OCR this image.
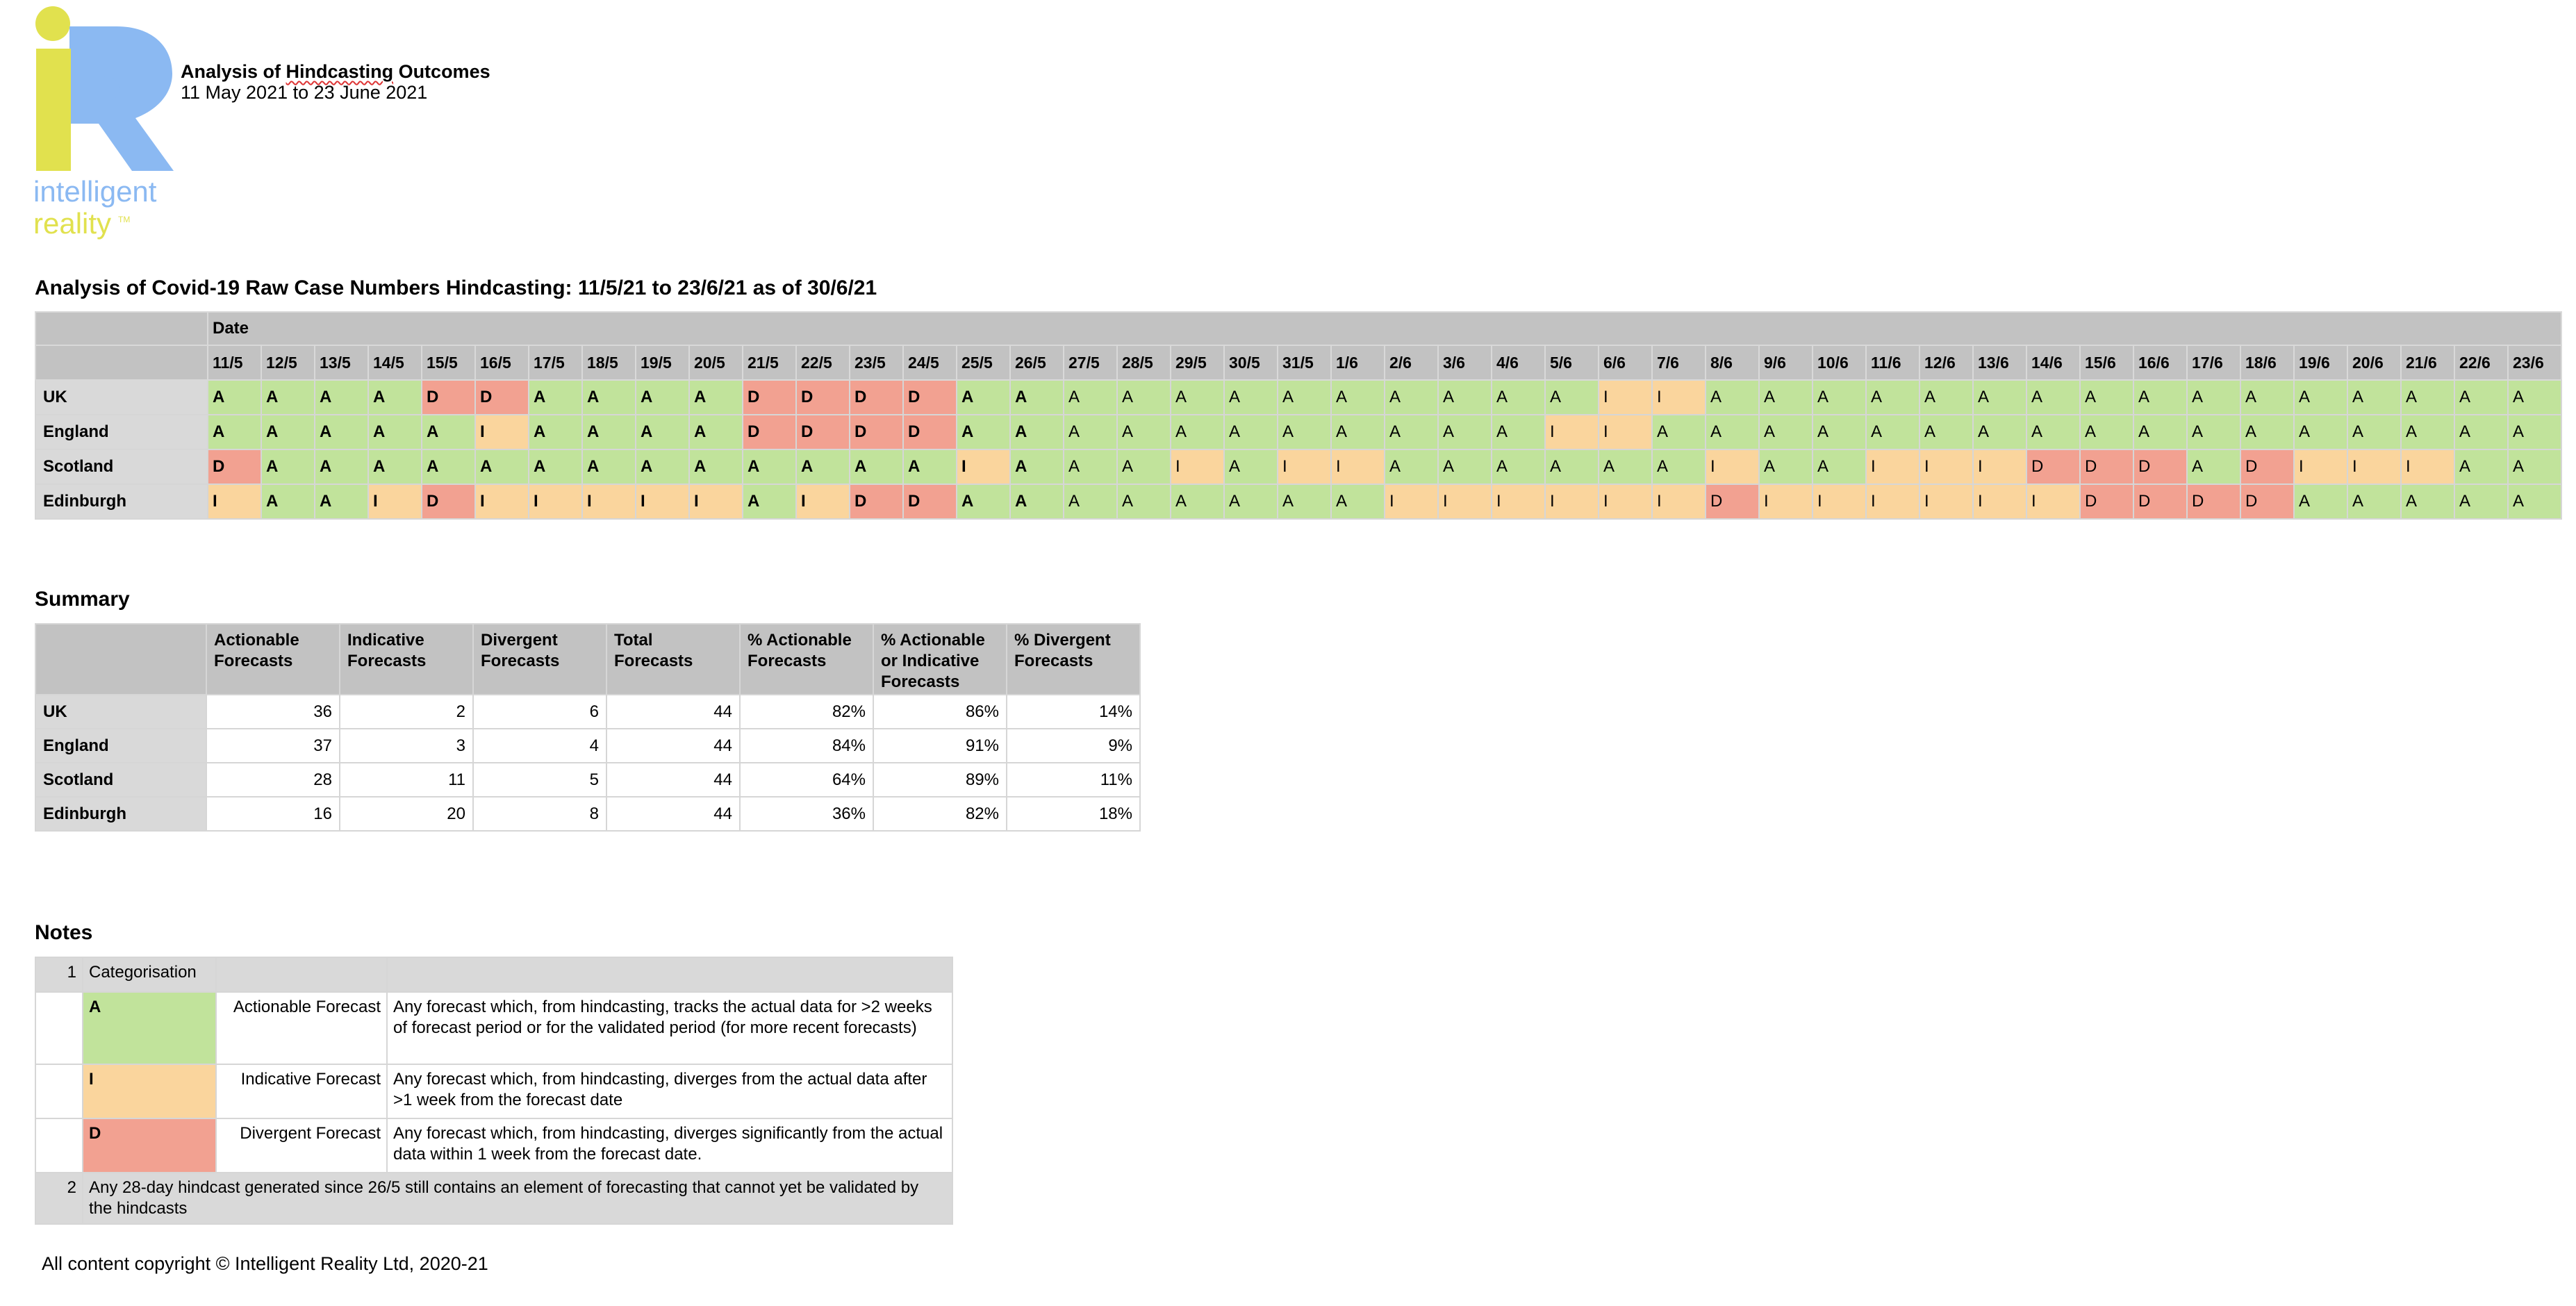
intelligent
reality TM
Analysis of Hindcasting Outcomes
11 May 2021 to 23 June 2021
Analysis of Covid-19 Raw Case Numbers Hindcasting: 11/5/21 to 23/6/21 as of 30/6/21
	Date																																											
	11/5	12/5	13/5	14/5	15/5	16/5	17/5	18/5	19/5	20/5	21/5	22/5	23/5	24/5	25/5	26/5	27/5	28/5	29/5	30/5	31/5	1/6	2/6	3/6	4/6	5/6	6/6	7/6	8/6	9/6	10/6	11/6	12/6	13/6	14/6	15/6	16/6	17/6	18/6	19/6	20/6	21/6	22/6	23/6
UK	A	A	A	A	D	D	A	A	A	A	D	D	D	D	A	A	A	A	A	A	A	A	A	A	A	A	I	I	A	A	A	A	A	A	A	A	A	A	A	A	A	A	A	A
England	A	A	A	A	A	I	A	A	A	A	D	D	D	D	A	A	A	A	A	A	A	A	A	A	A	I	I	A	A	A	A	A	A	A	A	A	A	A	A	A	A	A	A	A
Scotland	D	A	A	A	A	A	A	A	A	A	A	A	A	A	I	A	A	A	I	A	I	I	A	A	A	A	A	A	I	A	A	I	I	I	D	D	D	A	D	I	I	I	A	A
Edinburgh	I	A	A	I	D	I	I	I	I	I	A	I	D	D	A	A	A	A	A	A	A	A	I	I	I	I	I	I	D	I	I	I	I	I	I	D	D	D	D	A	A	A	A	A
Summary
	Actionable Forecasts	Indicative Forecasts	Divergent Forecasts	Total Forecasts	% Actionable Forecasts	% Actionable or Indicative Forecasts	% Divergent Forecasts
UK	36	2	6	44	82%	86%	14%
England	37	3	4	44	84%	91%	9%
Scotland	28	11	5	44	64%	89%	11%
Edinburgh	16	20	8	44	36%	82%	18%
Notes
1	Categorisation		
	A	Actionable Forecast	Any forecast which, from hindcasting, tracks the actual data for >2 weeks of forecast period or for the validated period (for more recent forecasts)
	I	Indicative Forecast	Any forecast which, from hindcasting, diverges from the actual data after >1 week from the forecast date
	D	Divergent Forecast	Any forecast which, from hindcasting, diverges significantly from the actual data within 1 week from the forecast date.
2	Any 28-day hindcast generated since 26/5 still contains an element of forecasting that cannot yet be validated by the hindcasts		
All content copyright © Intelligent Reality Ltd, 2020-21
